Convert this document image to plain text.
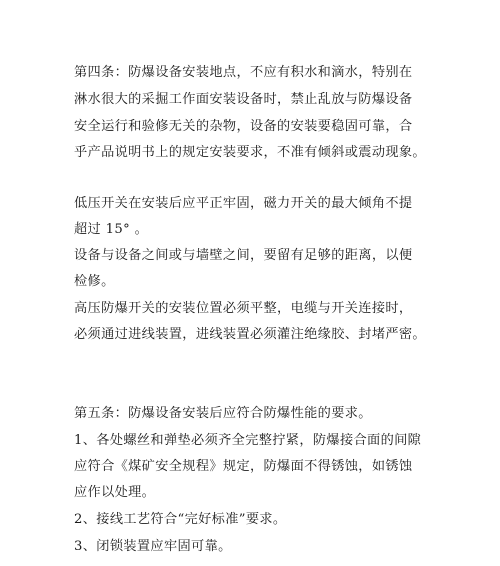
第四条：防爆设备安装地点，不应有积水和滴水，特别在
淋水很大的采掘工作面安装设备时，禁止乱放与防爆设备
安全运行和验修无关的杂物，设备的安装要稳固可靠，合
乎产品说明书上的规定安装要求，不准有倾斜或震动现象。
低压开关在安装后应平正牢固，磁力开关的最大倾角不提
超过 15° 。
设备与设备之间或与墙壁之间，要留有足够的距离，以便
检修。
高压防爆开关的安装位置必须平整，电缆与开关连接时，
必须通过进线装置，进线装置必须灌注绝缘胶、封堵严密。
第五条：防爆设备安装后应符合防爆性能的要求。
1、各处螺丝和弹垫必须齐全完整拧紧，防爆接合面的间隙
应符合《煤矿安全规程》规定，防爆面不得锈蚀，如锈蚀
应作以处理。
2、接线工艺符合“完好标准”要求。
3、闭锁装置应牢固可靠。
